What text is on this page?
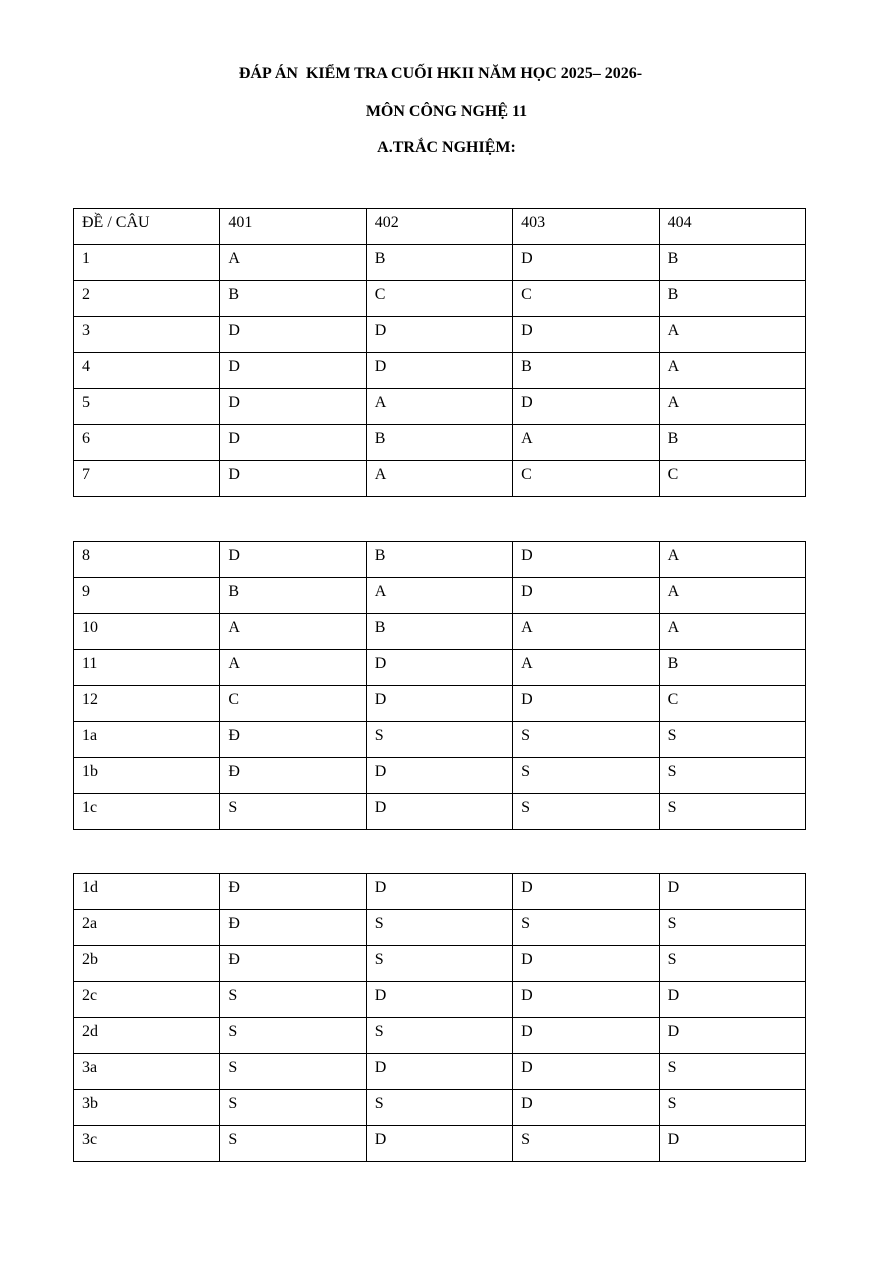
ĐÁP ÁN  KIỂM TRA CUỐI HKII NĂM HỌC 2025– 2026-
MÔN CÔNG NGHỆ 11
A.TRẮC NGHIỆM:
ĐỀ / CÂU	401	402	403	404

1	A	B	D	B

2	B	C	C	B

3	D	D	D	A

4	D	D	B	A

5	D	A	D	A

6	D	B	A	B

7	D	A	C	C
8	D	B	D	A

9	B	A	D	A

10	A	B	A	A

11	A	D	A	B

12	C	D	D	C

1a	Đ	S	S	S

1b	Đ	D	S	S

1c	S	D	S	S
1d	Đ	D	D	D

2a	Đ	S	S	S

2b	Đ	S	D	S

2c	S	D	D	D

2d	S	S	D	D

3a	S	D	D	S

3b	S	S	D	S

3c	S	D	S	D
